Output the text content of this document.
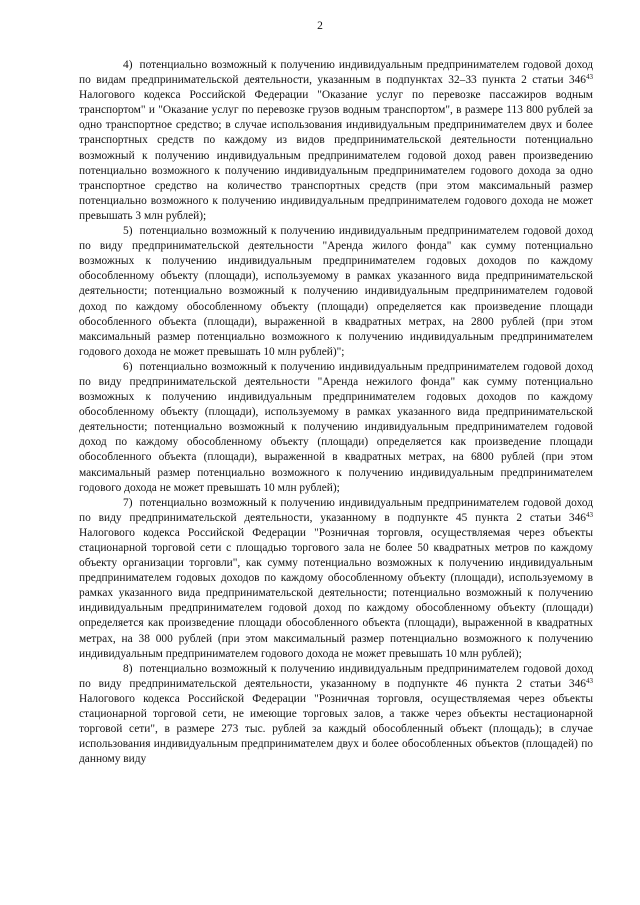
2

4) потенциально возможный к получению индивидуальным предпринимателем годовой доход по видам предпринимательской деятельности, указанным в подпунктах 32–33 пункта 2 статьи $346^{43}$ Налогового кодекса Российской Федерации "Оказание услуг по перевозке пассажиров водным транспортом" и "Оказание услуг по перевозке грузов водным транспортом", в размере 113 800 рублей за одно транспортное средство; в случае использования индивидуальным предпринимателем двух и более транспортных средств по каждому из видов предпринимательской деятельности потенциально возможный к получению индивидуальным предпринимателем годовой доход равен произведению потенциально возможного к получению индивидуальным предпринимателем годового дохода за одно транспортное средство на количество транспортных средств (при этом максимальный размер потенциально возможного к получению индивидуальным предпринимателем годового дохода не может превышать 3 млн рублей);

5) потенциально возможный к получению индивидуальным предпринимателем годовой доход по виду предпринимательской деятельности "Аренда жилого фонда" как сумму потенциально возможных к получению индивидуальным предпринимателем годовых доходов по каждому обособленному объекту (площади), используемому в рамках указанного вида предпринимательской деятельности; потенциально возможный к получению индивидуальным предпринимателем годовой доход по каждому обособленному объекту (площади) определяется как произведение площади обособленного объекта (площади), выраженной в квадратных метрах, на 2800 рублей (при этом максимальный размер потенциально возможного к получению индивидуальным предпринимателем годового дохода не может превышать 10 млн рублей)";

6) потенциально возможный к получению индивидуальным предпринимателем годовой доход по виду предпринимательской деятельности "Аренда нежилого фонда" как сумму потенциально возможных к получению индивидуальным предпринимателем годовых доходов по каждому обособленному объекту (площади), используемому в рамках указанного вида предпринимательской деятельности; потенциально возможный к получению индивидуальным предпринимателем годовой доход по каждому обособленному объекту (площади) определяется как произведение площади обособленного объекта (площади), выраженной в квадратных метрах, на 6800 рублей (при этом максимальный размер потенциально возможного к получению индивидуальным предпринимателем годового дохода не может превышать 10 млн рублей);

7) потенциально возможный к получению индивидуальным предпринимателем годовой доход по виду предпринимательской деятельности, указанному в подпункте 45 пункта 2 статьи $346^{43}$ Налогового кодекса Российской Федерации "Розничная торговля, осуществляемая через объекты стационарной торговой сети с площадью торгового зала не более 50 квадратных метров по каждому объекту организации торговли", как сумму потенциально возможных к получению индивидуальным предпринимателем годовых доходов по каждому обособленному объекту (площади), используемому в рамках указанного вида предпринимательской деятельности; потенциально возможный к получению индивидуальным предпринимателем годовой доход по каждому обособленному объекту (площади) определяется как произведение площади обособленного объекта (площади), выраженной в квадратных метрах, на 38 000 рублей (при этом максимальный размер потенциально возможного к получению индивидуальным предпринимателем годового дохода не может превышать 10 млн рублей);

8) потенциально возможный к получению индивидуальным предпринимателем годовой доход по виду предпринимательской деятельности, указанному в подпункте 46 пункта 2 статьи $346^{43}$ Налогового кодекса Российской Федерации "Розничная торговля, осуществляемая через объекты стационарной торговой сети, не имеющие торговых залов, а также через объекты нестационарной торговой сети", в размере 273 тыс. рублей за каждый обособленный объект (площадь); в случае использования индивидуальным предпринимателем двух и более обособленных объектов (площадей) по данному виду
